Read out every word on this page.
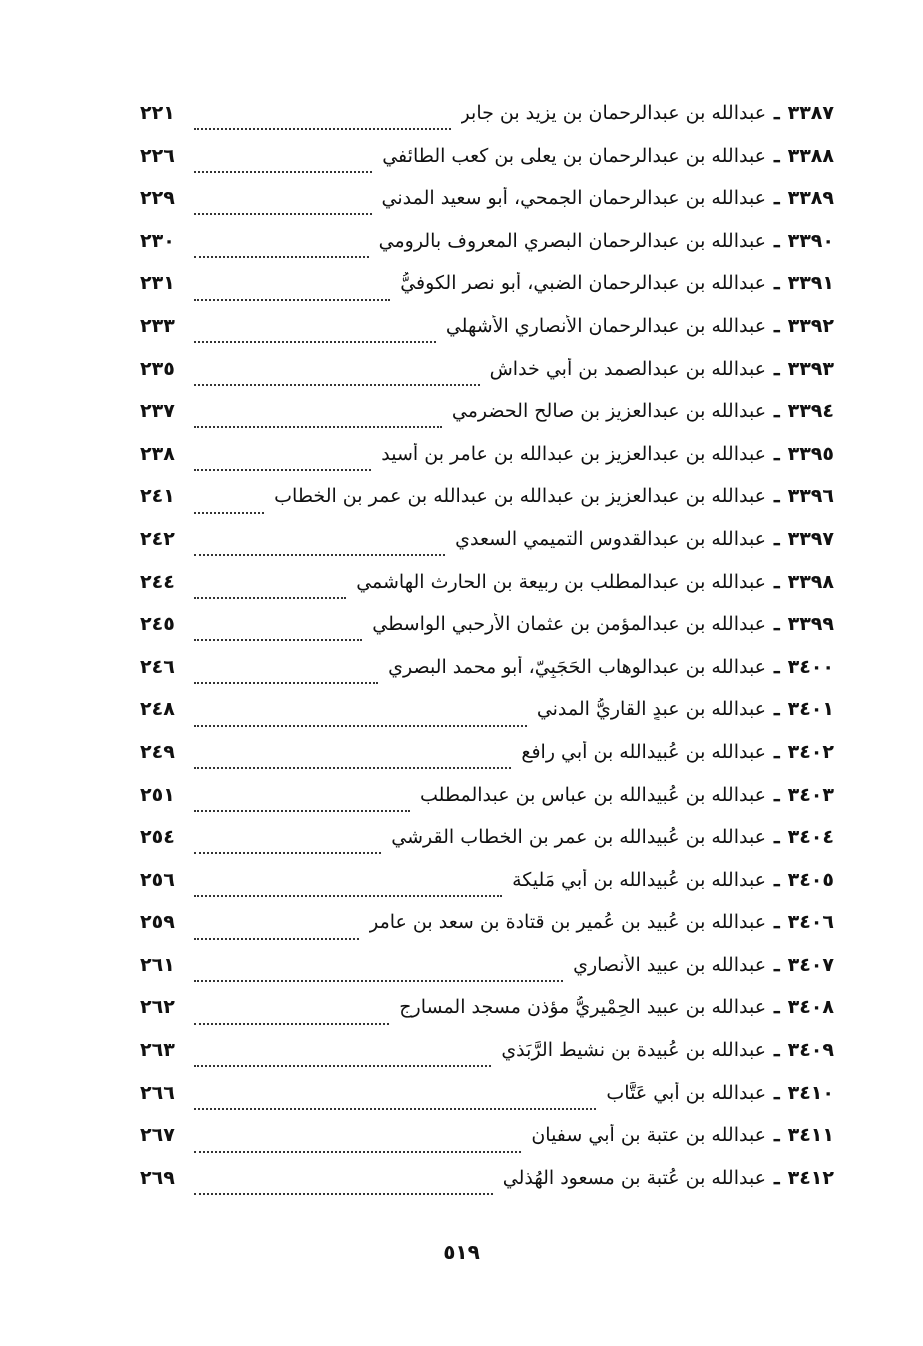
٣٣٨٧
ـ
عبدالله بن عبدالرحمان بن يزيد بن جابر
٢٢١
٣٣٨٨
ـ
عبدالله بن عبدالرحمان بن يعلى بن كعب الطائفي
٢٢٦
٣٣٨٩
ـ
عبدالله بن عبدالرحمان الجمحي، أبو سعيد المدني
٢٢٩
٣٣٩٠
ـ
عبدالله بن عبدالرحمان البصري المعروف بالرومي
٢٣٠
٣٣٩١
ـ
عبدالله بن عبدالرحمان الضبي، أبو نصر الكوفيُّ
٢٣١
٣٣٩٢
ـ
عبدالله بن عبدالرحمان الأنصاري الأشهلي
٢٣٣
٣٣٩٣
ـ
عبدالله بن عبدالصمد بن أبي خداش
٢٣٥
٣٣٩٤
ـ
عبدالله بن عبدالعزيز بن صالح الحضرمي
٢٣٧
٣٣٩٥
ـ
عبدالله بن عبدالعزيز بن عبدالله بن عامر بن أسيد
٢٣٨
٣٣٩٦
ـ
عبدالله بن عبدالعزيز بن عبدالله بن عبدالله بن عمر بن الخطاب
٢٤١
٣٣٩٧
ـ
عبدالله بن عبدالقدوس التميمي السعدي
٢٤٢
٣٣٩٨
ـ
عبدالله بن عبدالمطلب بن ربيعة بن الحارث الهاشمي
٢٤٤
٣٣٩٩
ـ
عبدالله بن عبدالمؤمن بن عثمان الأَرحبي الواسطي
٢٤٥
٣٤٠٠
ـ
عبدالله بن عبدالوهاب الحَجَبِيّ، أبو محمد البصري
٢٤٦
٣٤٠١
ـ
عبدالله بن عبدٍ القاريُّ المدني
٢٤٨
٣٤٠٢
ـ
عبدالله بن عُبيدالله بن أبي رافع
٢٤٩
٣٤٠٣
ـ
عبدالله بن عُبيدالله بن عباس بن عبدالمطلب
٢٥١
٣٤٠٤
ـ
عبدالله بن عُبيدالله بن عمر بن الخطاب القرشي
٢٥٤
٣٤٠٥
ـ
عبدالله بن عُبيدالله بن أبي مَليكة
٢٥٦
٣٤٠٦
ـ
عبدالله بن عُبيد بن عُمير بن قتادة بن سعد بن عامر
٢٥٩
٣٤٠٧
ـ
عبدالله بن عبيد الأنصاري
٢٦١
٣٤٠٨
ـ
عبدالله بن عبيد الحِمْيريُّ مؤذن مسجد المسارج
٢٦٢
٣٤٠٩
ـ
عبدالله بن عُبيدة بن نشيط الرَّبَذي
٢٦٣
٣٤١٠
ـ
عبدالله بن أبي عَتَّاب
٢٦٦
٣٤١١
ـ
عبدالله بن عتبة بن أبي سفيان
٢٦٧
٣٤١٢
ـ
عبدالله بن عُتبة بن مسعود الهُذلي
٢٦٩
٥١٩
